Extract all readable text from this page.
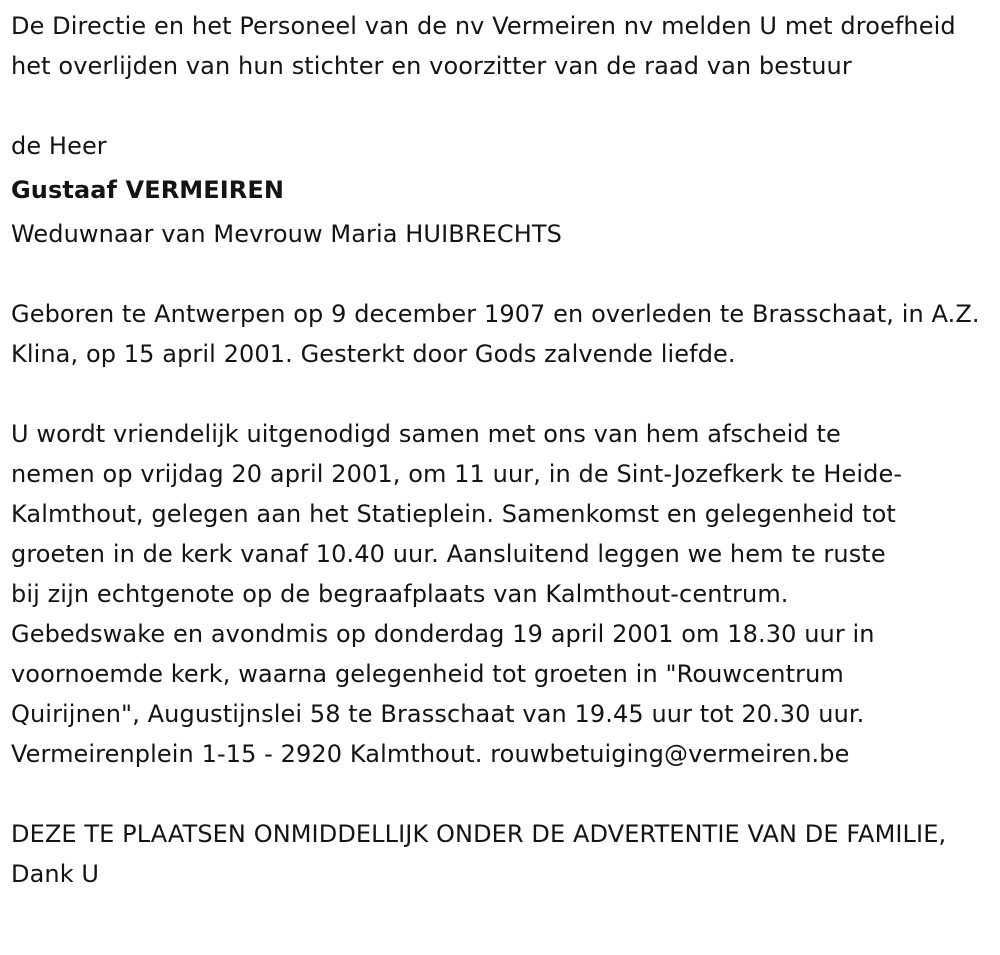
De Directie en het Personeel van de nv Vermeiren nv melden U met droefheid het overlijden van hun stichter en voorzitter van de raad van bestuur

de Heer

Gustaaf VERMEIREN

Weduwnaar van Mevrouw Maria HUIBRECHTS

Geboren te Antwerpen op 9 december 1907 en overleden te Brasschaat, in A.Z. Klina, op 15 april 2001. Gesterkt door Gods zalvende liefde.

U wordt vriendelijk uitgenodigd samen met ons van hem afscheid te

nemen op vrijdag 20 april 2001, om 11 uur, in de Sint-Jozefkerk te Heide-

Kalmthout, gelegen aan het Statieplein. Samenkomst en gelegenheid tot

groeten in de kerk vanaf 10.40 uur. Aansluitend leggen we hem te ruste

bij zijn echtgenote op de begraafplaats van Kalmthout-centrum.

Gebedswake en avondmis op donderdag 19 april 2001 om 18.30 uur in

voornoemde kerk, waarna gelegenheid tot groeten in "Rouwcentrum

Quirijnen", Augustijnslei 58 te Brasschaat van 19.45 uur tot 20.30 uur.

Vermeirenplein 1-15 - 2920 Kalmthout. rouwbetuiging@vermeiren.be

DEZE TE PLAATSEN ONMIDDELLIJK ONDER DE ADVERTENTIE VAN DE FAMILIE, Dank U
